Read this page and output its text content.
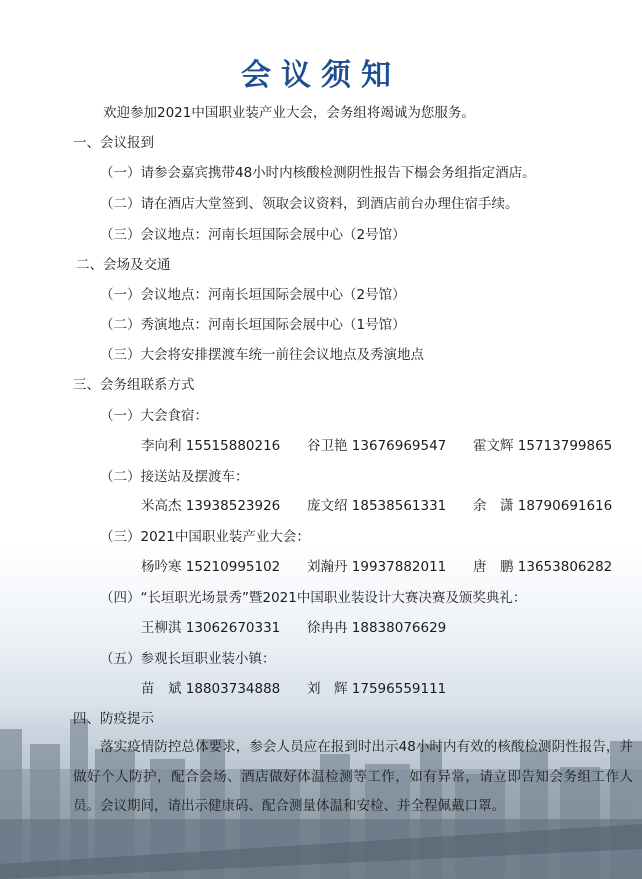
会议须知
欢迎参加2021中国职业装产业大会，会务组将竭诚为您服务。
一、会议报到
（一）请参会嘉宾携带48小时内核酸检测阴性报告下榻会务组指定酒店。
（二）请在酒店大堂签到、领取会议资料，到酒店前台办理住宿手续。
（三）会议地点：河南长垣国际会展中心（2号馆）
二、会场及交通
（一）会议地点：河南长垣国际会展中心（2号馆）
（二）秀演地点：河南长垣国际会展中心（1号馆）
（三）大会将安排摆渡车统一前往会议地点及秀演地点
三、会务组联系方式
（一）大会食宿：
李向利 15515880216 谷卫艳 13676969547 霍文辉 15713799865
（二）接送站及摆渡车：
米高杰 13938523926 庞文绍 18538561331 余　潇 18790691616
（三）2021中国职业装产业大会：
杨吟寒 15210995102 刘瀚丹 19937882011 唐　鹏 13653806282
（四）“长垣职光场景秀”暨2021中国职业装设计大赛决赛及颁奖典礼：
王柳淇 13062670331 徐冉冉 18838076629
（五）参观长垣职业装小镇：
苗　斌 18803734888 刘　辉 17596559111
四、防疫提示
落实疫情防控总体要求，参会人员应在报到时出示48小时内有效的核酸检测阴性报告，并做好个人防护，配合会场、酒店做好体温检测等工作，如有异常，请立即告知会务组工作人员。会议期间，请出示健康码、配合测量体温和安检、并全程佩戴口罩。
